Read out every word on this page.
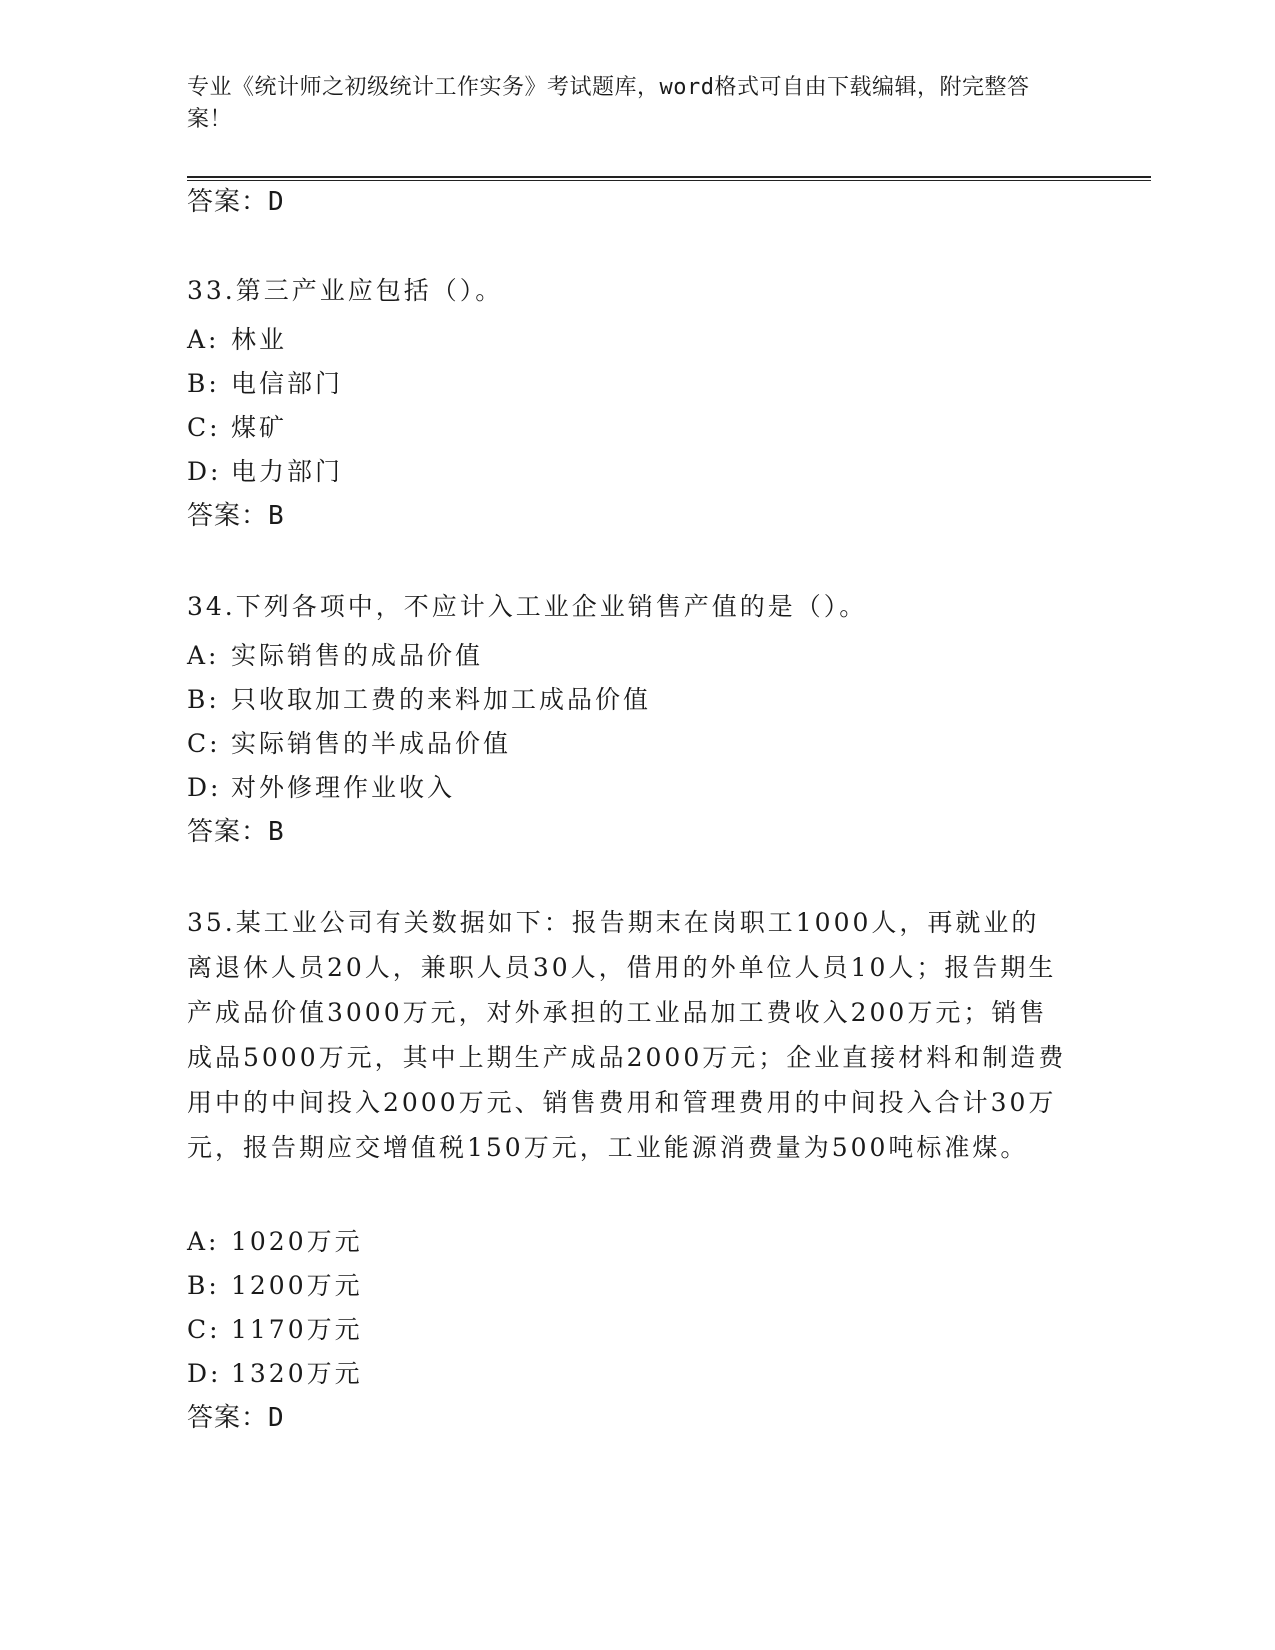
专业《统计师之初级统计工作实务》考试题库，word格式可自由下载编辑，附完整答案！
答案：D
33.第三产业应包括（）。
A: 林业
B: 电信部门
C: 煤矿
D: 电力部门
答案：B
34.下列各项中，不应计入工业企业销售产值的是（）。
A: 实际销售的成品价值
B: 只收取加工费的来料加工成品价值
C: 实际销售的半成品价值
D: 对外修理作业收入
答案：B
35.某工业公司有关数据如下：报告期末在岗职工1000人，再就业的离退休人员20人，兼职人员30人，借用的外单位人员10人；报告期生产成品价值3000万元，对外承担的工业品加工费收入200万元；销售成品5000万元，其中上期生产成品2000万元；企业直接材料和制造费用中的中间投入2000万元、销售费用和管理费用的中间投入合计30万元，报告期应交增值税150万元，工业能源消费量为500吨标准煤。
A: 1020万元
B: 1200万元
C: 1170万元
D: 1320万元
答案：D
